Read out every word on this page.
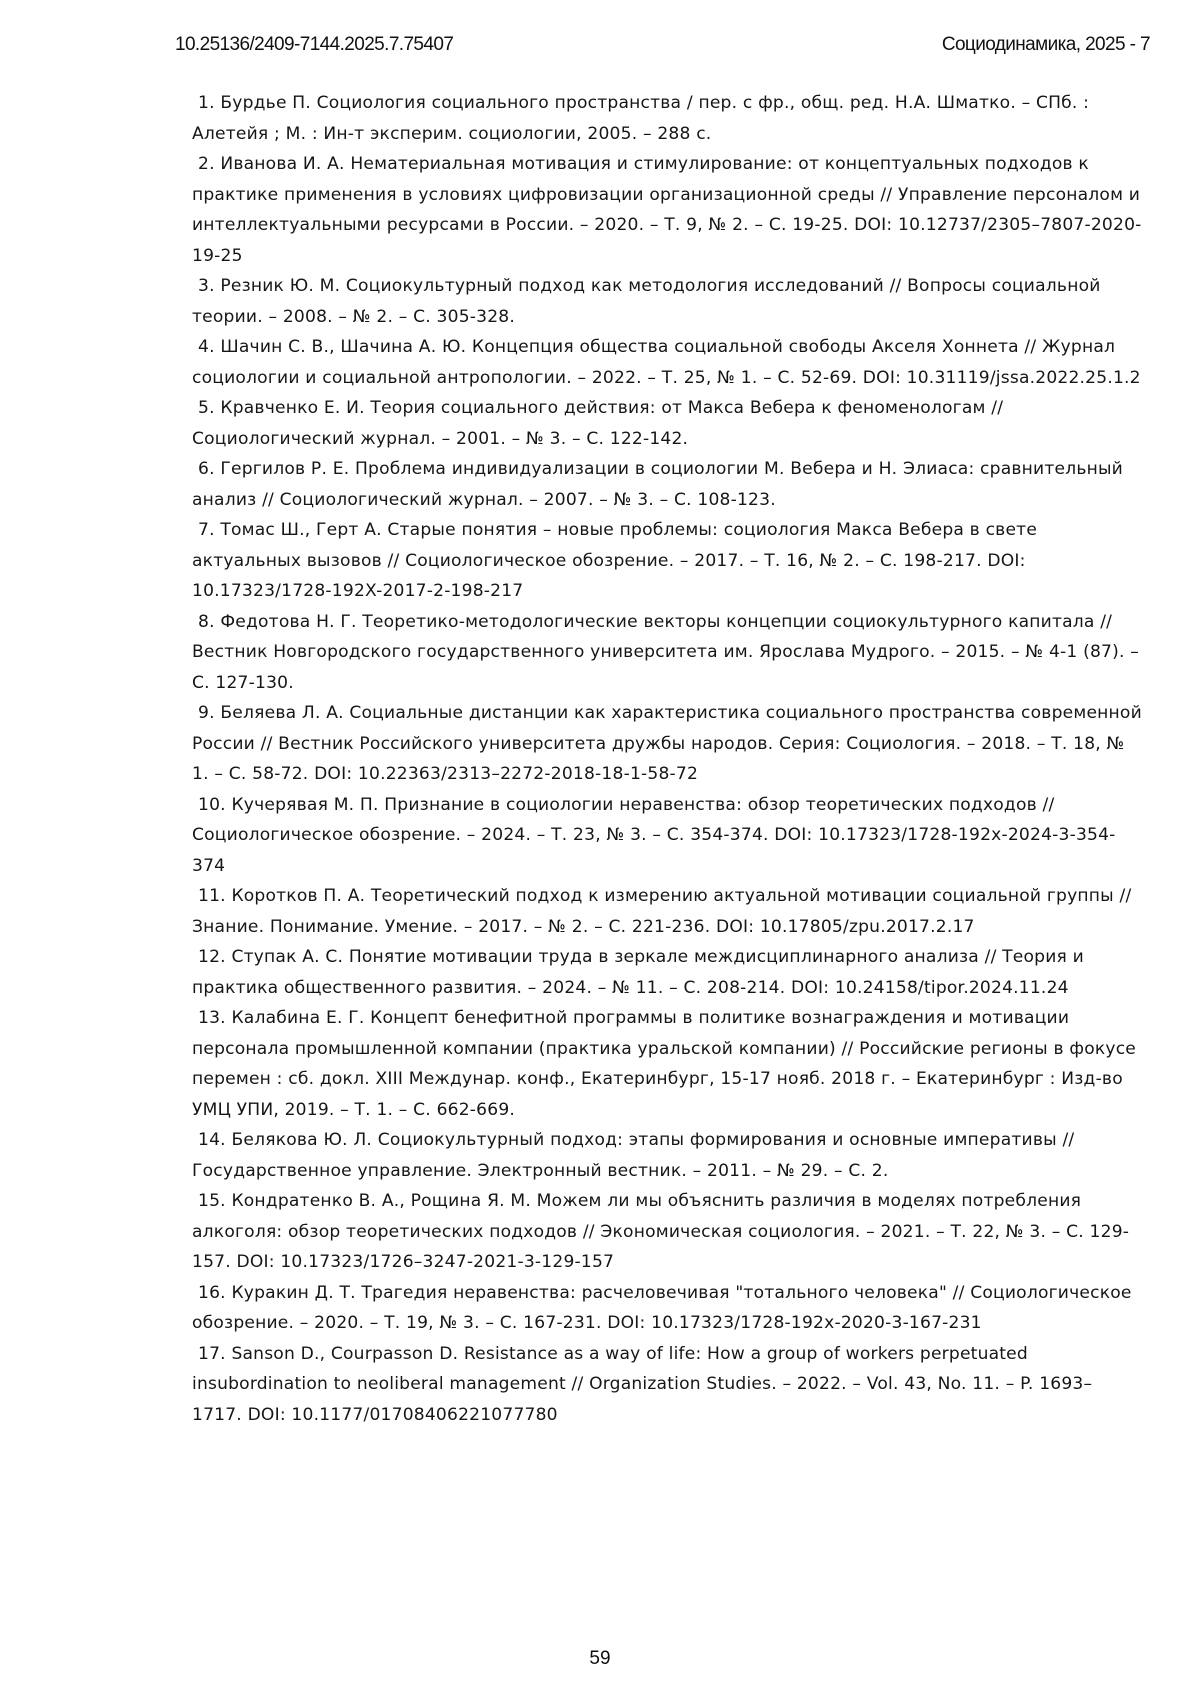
10.25136/2409-7144.2025.7.75407	Социодинамика, 2025 - 7
1. Бурдье П. Социология социального пространства / пер. с фр., общ. ред. Н.А. Шматко. – СПб. : Алетейя ; М. : Ин-т эксперим. социологии, 2005. – 288 с.
2. Иванова И. А. Нематериальная мотивация и стимулирование: от концептуальных подходов к практике применения в условиях цифровизации организационной среды // Управление персоналом и интеллектуальными ресурсами в России. – 2020. – Т. 9, № 2. – С. 19-25. DOI: 10.12737/2305–7807-2020-19-25
3. Резник Ю. М. Социокультурный подход как методология исследований // Вопросы социальной теории. – 2008. – № 2. – С. 305-328.
4. Шачин С. В., Шачина А. Ю. Концепция общества социальной свободы Акселя Хоннета // Журнал социологии и социальной антропологии. – 2022. – Т. 25, № 1. – С. 52-69. DOI: 10.31119/jssa.2022.25.1.2
5. Кравченко Е. И. Теория социального действия: от Макса Вебера к феноменологам // Социологический журнал. – 2001. – № 3. – С. 122-142.
6. Гергилов Р. Е. Проблема индивидуализации в социологии М. Вебера и Н. Элиаса: сравнительный анализ // Социологический журнал. – 2007. – № 3. – С. 108-123.
7. Томас Ш., Герт А. Старые понятия – новые проблемы: социология Макса Вебера в свете актуальных вызовов // Социологическое обозрение. – 2017. – Т. 16, № 2. – С. 198-217. DOI: 10.17323/1728-192X-2017-2-198-217
8. Федотова Н. Г. Теоретико-методологические векторы концепции социокультурного капитала // Вестник Новгородского государственного университета им. Ярослава Мудрого. – 2015. – № 4-1 (87). – С. 127-130.
9. Беляева Л. А. Социальные дистанции как характеристика социального пространства современной России // Вестник Российского университета дружбы народов. Серия: Социология. – 2018. – Т. 18, № 1. – С. 58-72. DOI: 10.22363/2313–2272-2018-18-1-58-72
10. Кучерявая М. П. Признание в социологии неравенства: обзор теоретических подходов // Социологическое обозрение. – 2024. – Т. 23, № 3. – С. 354-374. DOI: 10.17323/1728-192x-2024-3-354-374
11. Коротков П. А. Теоретический подход к измерению актуальной мотивации социальной группы // Знание. Понимание. Умение. – 2017. – № 2. – С. 221-236. DOI: 10.17805/zpu.2017.2.17
12. Ступак А. С. Понятие мотивации труда в зеркале междисциплинарного анализа // Теория и практика общественного развития. – 2024. – № 11. – С. 208-214. DOI: 10.24158/tipor.2024.11.24
13. Калабина Е. Г. Концепт бенефитной программы в политике вознаграждения и мотивации персонала промышленной компании (практика уральской компании) // Российские регионы в фокусе перемен : сб. докл. XIII Междунар. конф., Екатеринбург, 15-17 нояб. 2018 г. – Екатеринбург : Изд-во УМЦ УПИ, 2019. – Т. 1. – С. 662-669.
14. Белякова Ю. Л. Социокультурный подход: этапы формирования и основные императивы // Государственное управление. Электронный вестник. – 2011. – № 29. – С. 2.
15. Кондратенко В. А., Рощина Я. М. Можем ли мы объяснить различия в моделях потребления алкоголя: обзор теоретических подходов // Экономическая социология. – 2021. – Т. 22, № 3. – С. 129-157. DOI: 10.17323/1726–3247-2021-3-129-157
16. Куракин Д. Т. Трагедия неравенства: расчеловечивая "тотального человека" // Социологическое обозрение. – 2020. – Т. 19, № 3. – С. 167-231. DOI: 10.17323/1728-192x-2020-3-167-231
17. Sanson D., Courpasson D. Resistance as a way of life: How a group of workers perpetuated insubordination to neoliberal management // Organization Studies. – 2022. – Vol. 43, No. 11. – P. 1693–1717. DOI: 10.1177/01708406221077780
59
